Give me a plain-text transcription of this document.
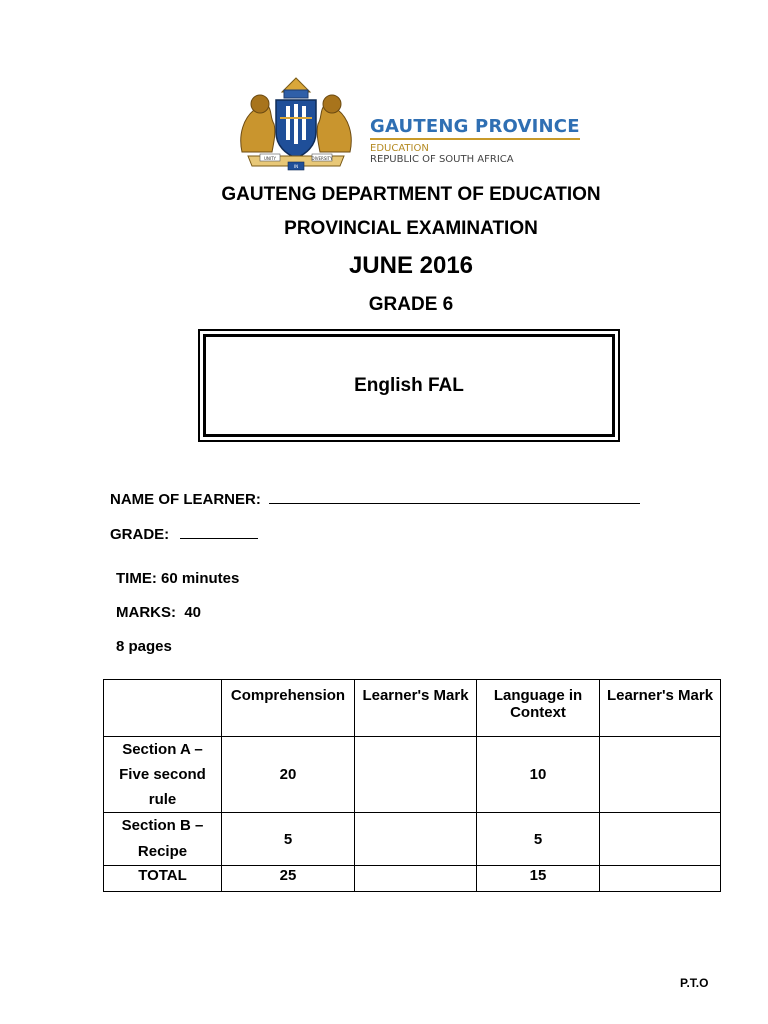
UNITY
IN
DIVERSITY
GAUTENG PROVINCE
EDUCATION
REPUBLIC OF SOUTH AFRICA
GAUTENG DEPARTMENT OF EDUCATION
PROVINCIAL EXAMINATION
JUNE 2016
GRADE 6
English FAL
NAME OF LEARNER:
GRADE:
TIME: 60 minutes
MARKS:  40
8 pages
	Comprehension	Learner's Mark	Language in Context	Learner's Mark
Section A – Five second rule	20		10	
Section B – Recipe	5		5	
TOTAL	25		15	
P.T.O
